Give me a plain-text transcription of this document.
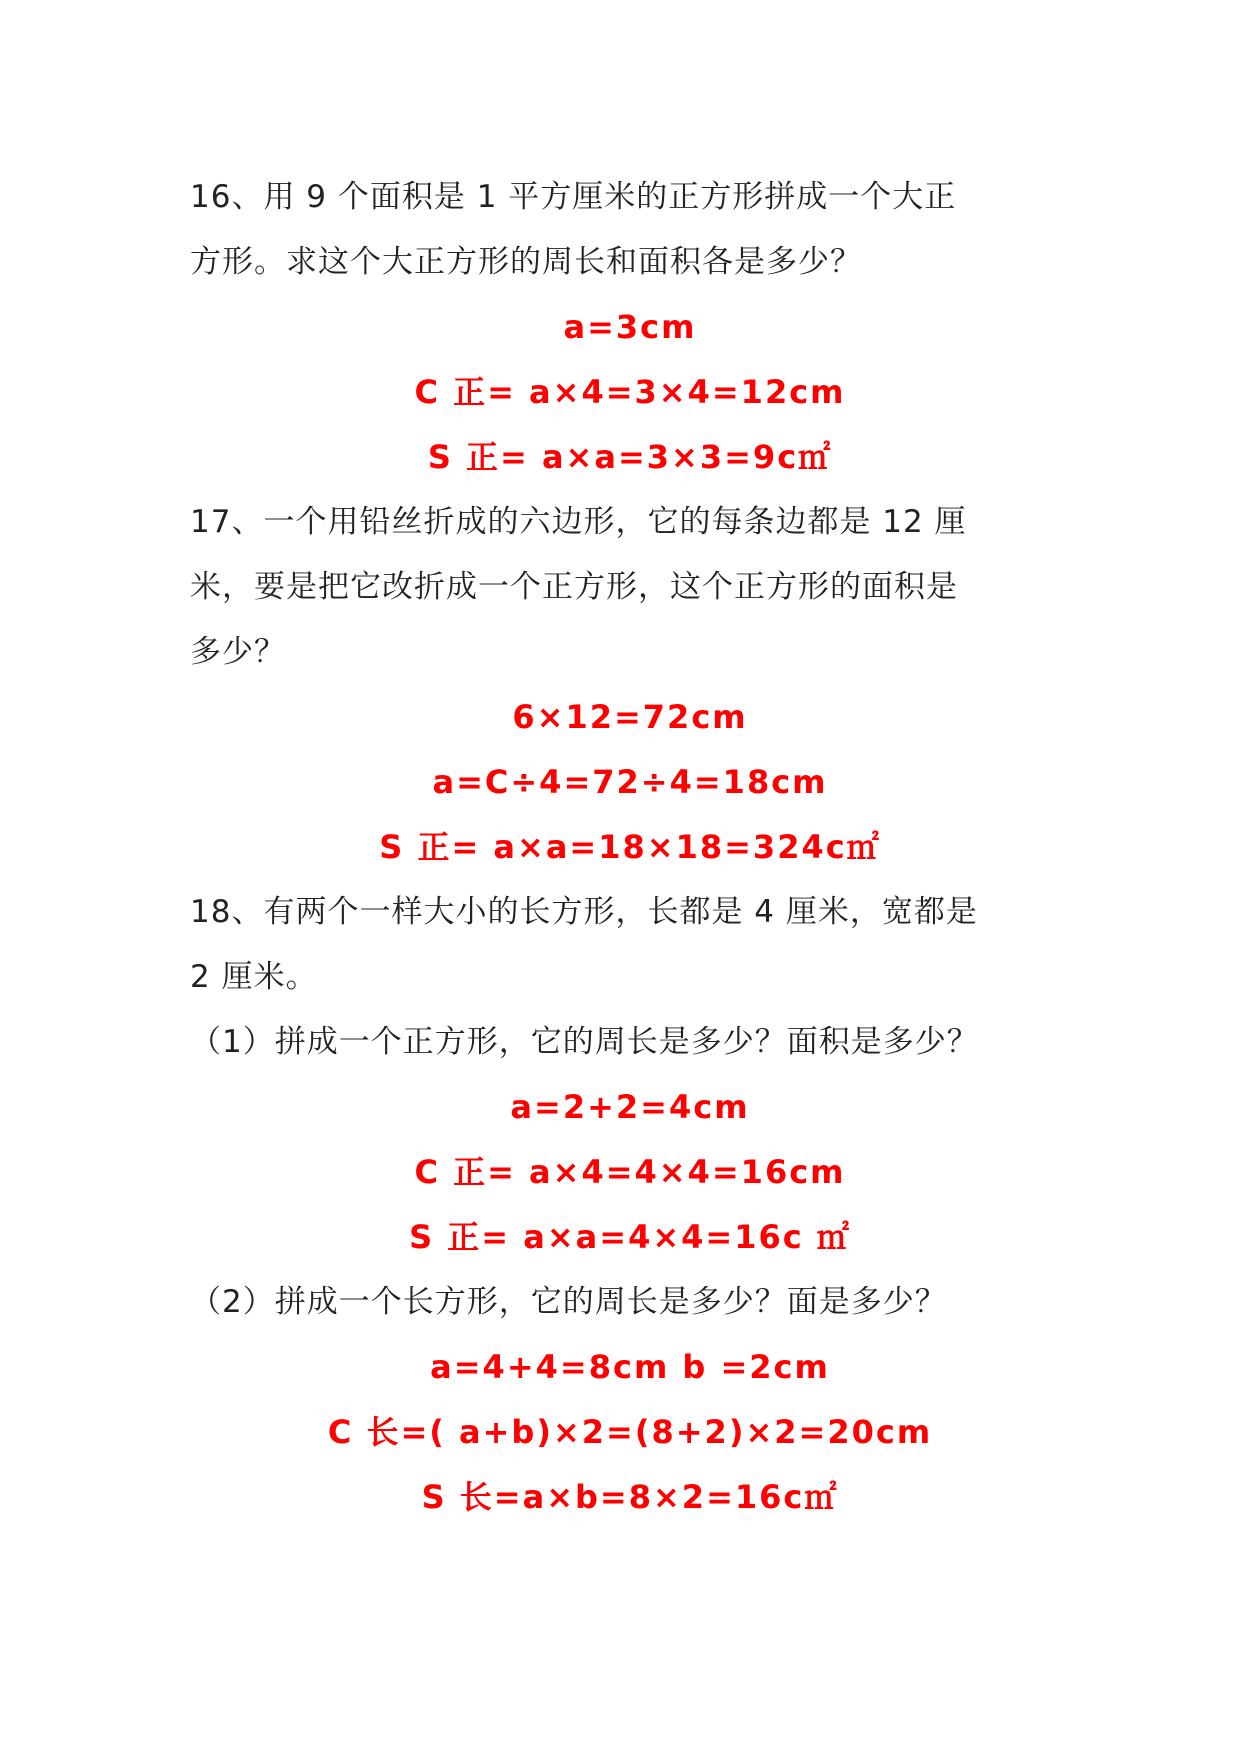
16、用 9 个面积是 1 平方厘米的正方形拼成一个大正

方形。求这个大正方形的周长和面积各是多少？

a=3cm

C 正= a×4=3×4=12cm

S 正= a×a=3×3=9c㎡

17、一个用铅丝折成的六边形，它的每条边都是 12 厘

米，要是把它改折成一个正方形，这个正方形的面积是

多少？

6×12=72cm

a=C÷4=72÷4=18cm

S 正= a×a=18×18=324c㎡

18、有两个一样大小的长方形，长都是 4 厘米，宽都是

2 厘米。

（1）拼成一个正方形，它的周长是多少？面积是多少？

a=2+2=4cm

C 正= a×4=4×4=16cm

S 正= a×a=4×4=16c ㎡

（2）拼成一个长方形，它的周长是多少？面是多少？

a=4+4=8cm b =2cm

C 长=( a+b)×2=(8+2)×2=20cm

S 长=a×b=8×2=16c㎡
